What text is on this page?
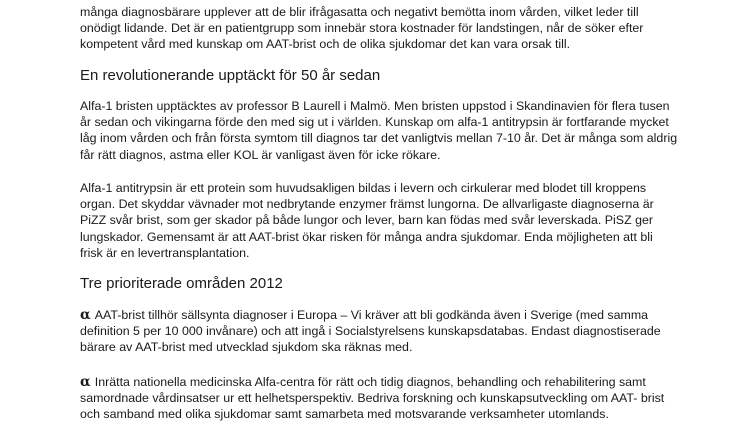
många diagnosbärare upplever att de blir ifrågasatta och negativt bemötta inom vården, vilket leder till
onödigt lidande. Det är en patientgrupp som innebär stora kostnader för landstingen, når de söker efter
kompetent vård med kunskap om AAT-brist och de olika sjukdomar det kan vara orsak till.

En revolutionerande upptäckt för 50 år sedan

Alfa-1 bristen upptäcktes av professor B Laurell i Malmö. Men bristen uppstod i Skandinavien för flera tusen
år sedan och vikingarna förde den med sig ut i världen. Kunskap om alfa-1 antitrypsin är fortfarande mycket
låg inom vården och från första symtom till diagnos tar det vanligtvis mellan 7-10 år. Det är många som aldrig
får rätt diagnos, astma eller KOL är vanligast även för icke rökare.

Alfa-1 antitrypsin är ett protein som huvudsakligen bildas i levern och cirkulerar med blodet till kroppens
organ. Det skyddar vävnader mot nedbrytande enzymer främst lungorna. De allvarligaste diagnoserna är
PiZZ svår brist, som ger skador på både lungor och lever, barn kan födas med svår leverskada. PiSZ ger
lungskador. Gemensamt är att AAT-brist ökar risken för många andra sjukdomar. Enda möjligheten att bli
frisk är en levertransplantation.

Tre prioriterade områden 2012

α AAT-brist tillhör sällsynta diagnoser i Europa – Vi kräver att bli godkända även i Sverige (med samma
definition 5 per 10 000 invånare) och att ingå i Socialstyrelsens kunskapsdatabas. Endast diagnostiserade
bärare av AAT-brist med utvecklad sjukdom ska räknas med.

α Inrätta nationella medicinska Alfa-centra för rätt och tidig diagnos, behandling och rehabilitering samt
samordnade vårdinsatser ur ett helhetsperspektiv. Bedriva forskning och kunskapsutveckling om AAT- brist
och samband med olika sjukdomar samt samarbeta med motsvarande verksamheter utomlands.
